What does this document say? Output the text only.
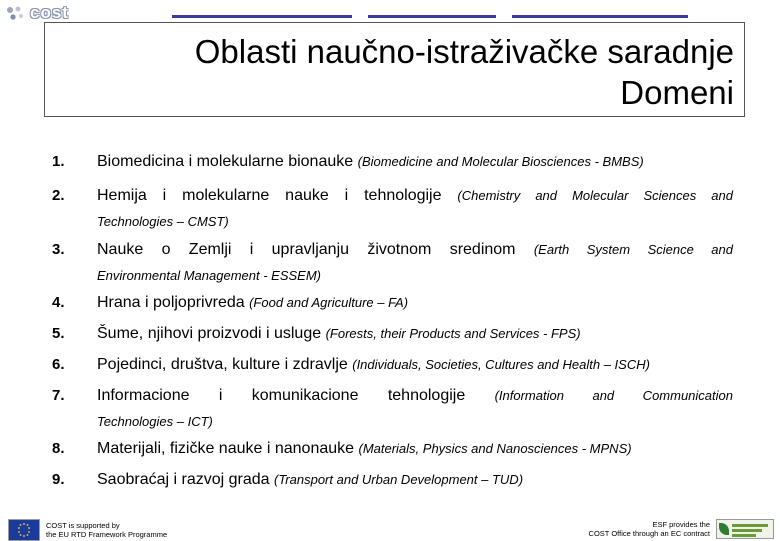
cost
Oblasti naučno-istraživačke saradnje
Domeni
1. Biomedicina i molekularne bionauke (Biomedicine and Molecular Biosciences - BMBS)
2. Hemija i molekularne nauke i tehnologije (Chemistry and Molecular Sciences and
Technologies – CMST)
3. Nauke o Zemlji i upravljanju životnom sredinom (Earth System Science and
Environmental Management - ESSEM)
4. Hrana i poljoprivreda (Food and Agriculture – FA)
5. Šume, njihovi proizvodi i usluge (Forests, their Products and Services - FPS)
6. Pojedinci, društva, kulture i zdravlje (Individuals, Societies, Cultures and Health – ISCH)
7. Informacione i komunikacione tehnologije (Information and Communication
Technologies – ICT)
8. Materijali, fizičke nauke i nanonauke (Materials, Physics and Nanosciences - MPNS)
9. Saobraćaj i razvoj grada (Transport and Urban Development – TUD)
COST is supported by
the EU RTD Framework Programme
ESF provides the
COST Office through an EC contract
